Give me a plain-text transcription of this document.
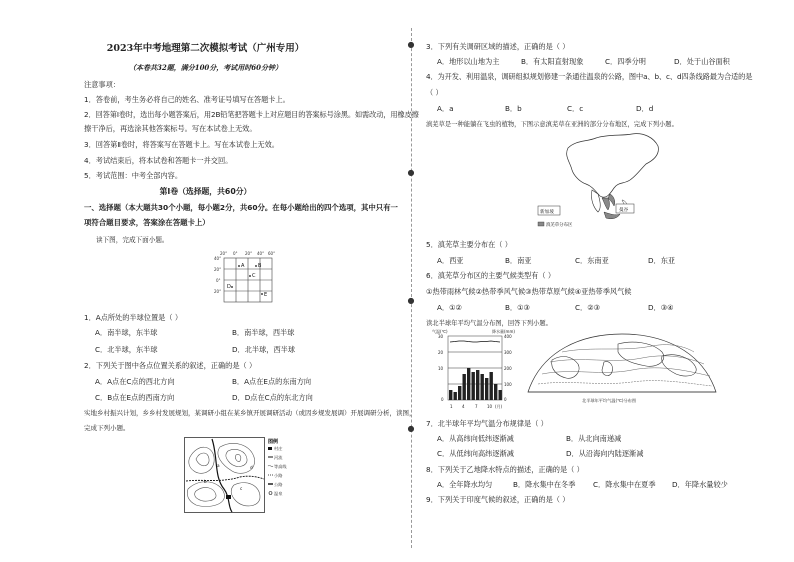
2023年中考地理第二次模拟考试（广州专用）
（本卷共32题，满分100分，考试用时60分钟）
注意事项：
1．答卷前，考生务必将自己的姓名、准考证号填写在答题卡上。
2．回答第Ⅰ卷时，选出每小题答案后，用2B铅笔把答题卡上对应题目的答案标号涂黑。如需改动，用橡皮擦
擦干净后，再选涂其他答案标号。写在本试卷上无效。
3．回答第Ⅱ卷时，将答案写在答题卡上。写在本试卷上无效。
4．考试结束后，将本试卷和答题卡一并交回。
5．考试范围：中考全部内容。
第Ⅰ卷（选择题，共60分）
一、选择题（本大题共30个小题，每小题2分，共60分。在每小题给出的四个选项，其中只有一
项符合题目要求，答案涂在答题卡上）
读下图，完成下面小题。
20° 0° 20° 40° 60°
40°
20°
0°
20°
A	B
C
D
E
1．A点所处的半球位置是（ ）
A．南半球，东半球	B．南半球，西半球
C．北半球，东半球	D．北半球，西半球
2．下列关于图中各点位置关系的叙述，正确的是（ ）
A．A点在C点的西北方向	B．A点在E点的东南方向
C．B点在E点的西南方向	D．D点在C点的东北方向
实地乡村振兴计划，乡乡村发展规划，某调研小组在某乡镇开展调研活动（或因乡规发展调）开展调研分析，读图，
完成下列小题。
a
b
c
d
图例
村庄
河流
等高线
小路
公路
温泉
●
●
●
●
3．下列有关调研区域的描述，正确的是（ ）
A．地形以山地为主	B．有太阳直射现象	C．四季分明	D．处于山谷面积
4．为开发、利用温泉，调研组拟规划修建一条通往温泉的公路，图中a、b、c、d四条线路最为合适的是
（ ）
A．a	B．b	C．c	D．d
滇芜草是一种能躺在飞虫的植物，下图示意滇芜草在亚洲的部分分布地区，完成下列小题。
新加坡	曼谷
滇芜草分布区
5．滇芜草主要分布在（ ）
A．西亚	B．南亚	C．东南亚	D．东亚
6．滇芜草分布区的主要气候类型有（ ）
①热带雨林气候②热带季风气候③热带草原气候④亚热带季风气候
A．①②	B．①③	C．②③	D．③④
读北半球年平均气温分布图，回答下列小题。
气温(℃)	降水量(mm)
30
20
10
0
400
300
200
100
0
1 4	7 10 (月)
北半球年平均气温(℃)分布图
7．北半球年平均气温分布规律是（ ）
A．从高纬向低纬逐渐减	B．从北向南递减
C．从低纬向高纬逐渐减	D．从沿海向内陆逐渐减
8．下列关于乙地降水特点的描述，正确的是（ ）
A．全年降水均匀	B．降水集中在冬季 C．降水集中在夏季 D．年降水量较少
9．下列关于印度气候的叙述，正确的是（ ）
